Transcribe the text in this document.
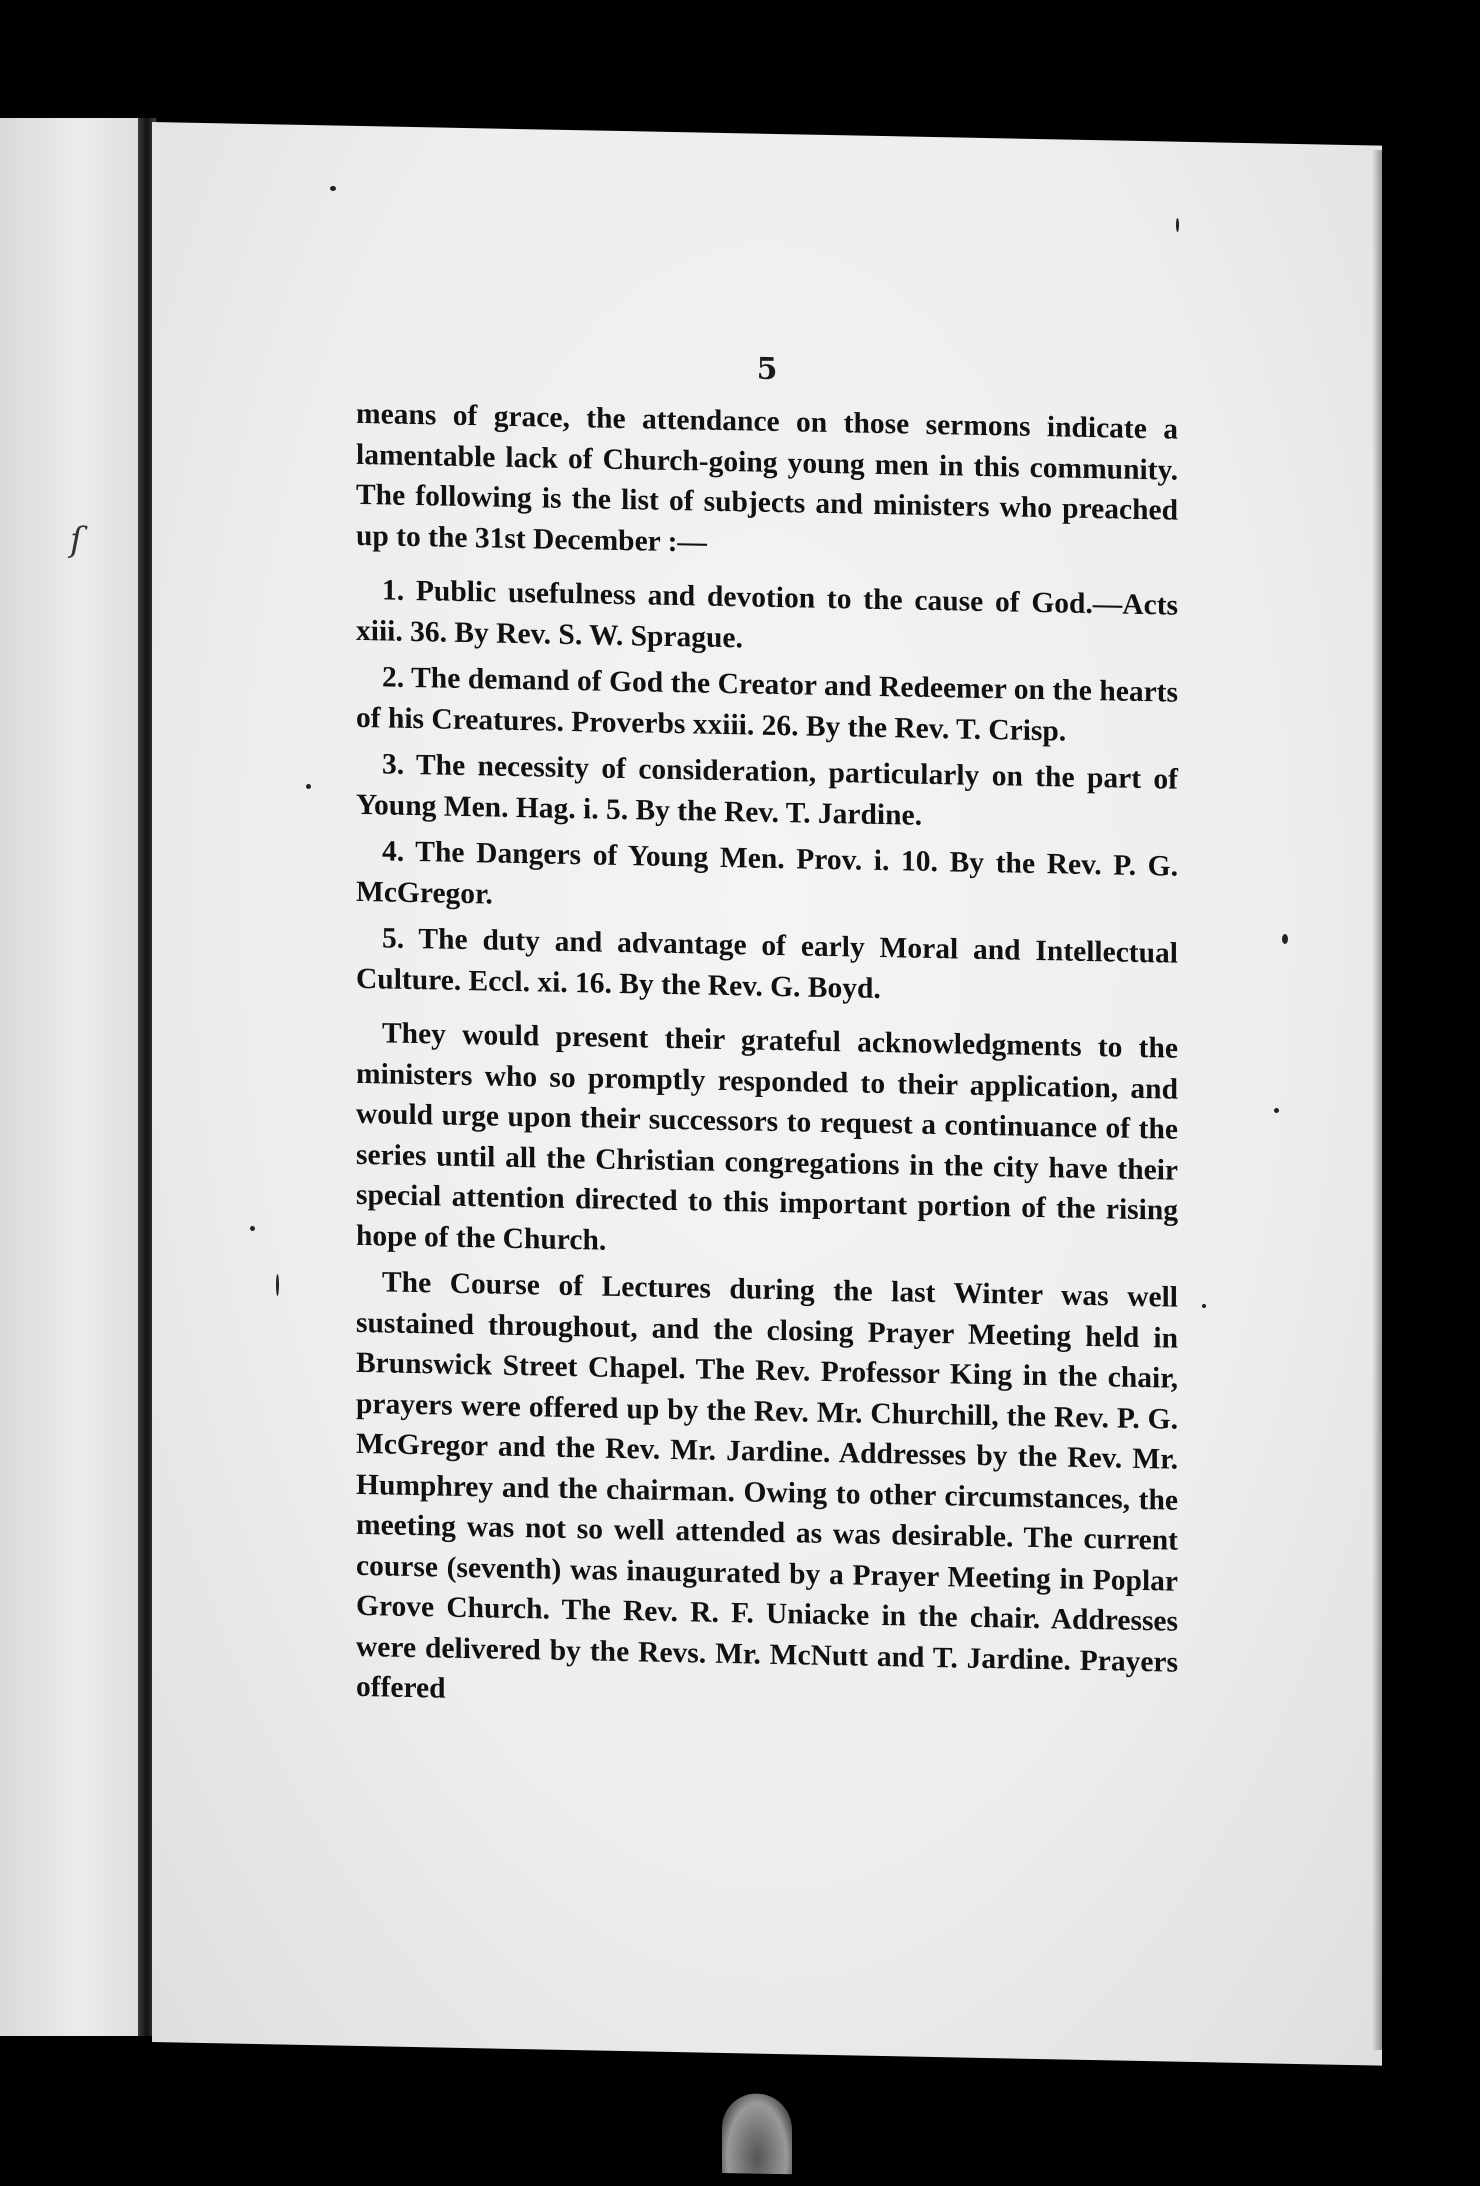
ſ
5

means of grace, the attendance on those sermons indicate a lamentable lack of Church-going young men in this community. The following is the list of subjects and ministers who preached up to the 31st December :—

1. Public usefulness and devotion to the cause of God.—Acts xiii. 36. By Rev. S. W. Sprague.

2. The demand of God the Creator and Redeemer on the hearts of his Creatures. Proverbs xxiii. 26. By the Rev. T. Crisp.

3. The necessity of consideration, particularly on the part of Young Men. Hag. i. 5. By the Rev. T. Jardine.

4. The Dangers of Young Men. Prov. i. 10. By the Rev. P. G. McGregor.

5. The duty and advantage of early Moral and Intellectual Culture. Eccl. xi. 16. By the Rev. G. Boyd.

They would present their grateful acknowledgments to the ministers who so promptly responded to their application, and would urge upon their successors to request a continuance of the series until all the Christian congregations in the city have their special attention directed to this important portion of the rising hope of the Church.

The Course of Lectures during the last Winter was well sustained throughout, and the closing Prayer Meeting held in Brunswick Street Chapel. The Rev. Professor King in the chair, prayers were offered up by the Rev. Mr. Churchill, the Rev. P. G. McGregor and the Rev. Mr. Jardine. Addresses by the Rev. Mr. Humphrey and the chairman. Owing to other circumstances, the meeting was not so well attended as was desirable. The current course (seventh) was inaugurated by a Prayer Meeting in Poplar Grove Church. The Rev. R. F. Uniacke in the chair. Addresses were delivered by the Revs. Mr. McNutt and T. Jardine. Prayers offered
